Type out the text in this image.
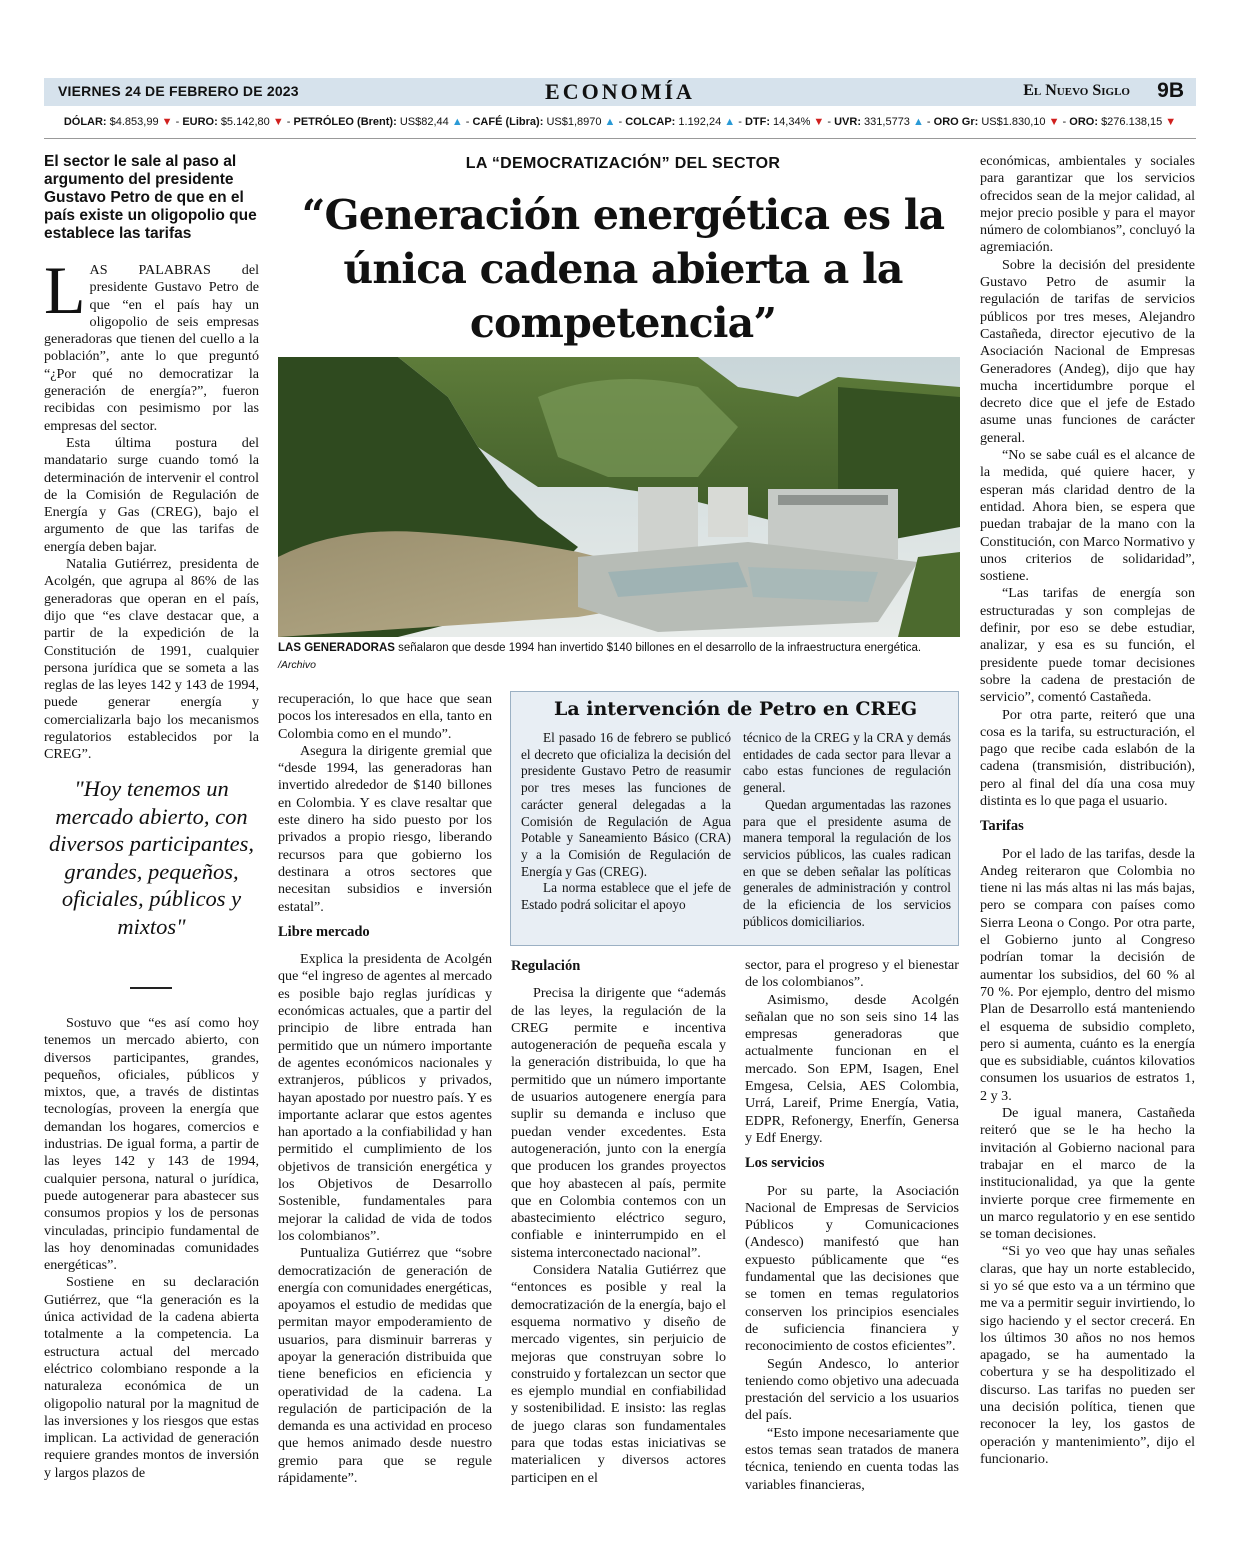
VIERNES 24 DE FEBRERO DE 2023	ECONOMÍA	El Nuevo Siglo 9B
DÓLAR: $4.853,99 ▼ - EURO: $5.142,80 ▼ - PETRÓLEO (Brent): US$82,44 ▲ - CAFÉ (Libra): US$1,8970 ▲ - COLCAP: 1.192,24 ▲ - DTF: 14,34% ▼ - UVR: 331,5773 ▲ - ORO Gr: US$1.830,10 ▼ - ORO: $276.138,15 ▼
El sector le sale al paso al argumento del presidente Gustavo Petro de que en el país existe un oligopolio que establece las tarifas
LA “DEMOCRATIZACIÓN” DEL SECTOR
“Generación energética es la única cadena abierta a la competencia”
LAS GENERADORAS señalaron que desde 1994 han invertido $140 billones en el desarrollo de la infraestructura energética. /Archivo

LAS PALABRAS del presidente Gustavo Petro de que “en el país hay un oligopolio de seis empresas generadoras que tienen del cuello a la población”, ante lo que preguntó “¿Por qué no democratizar la generación de energía?”, fueron recibidas con pesimismo por las empresas del sector.

Esta última postura del mandatario surge cuando tomó la determinación de intervenir el control de la Comisión de Regulación de Energía y Gas (CREG), bajo el argumento de que las tarifas de energía deben bajar.

Natalia Gutiérrez, presidenta de Acolgén, que agrupa al 86% de las generadoras que operan en el país, dijo que “es clave destacar que, a partir de la expedición de la Constitución de 1991, cualquier persona jurídica que se someta a las reglas de las leyes 142 y 143 de 1994, puede generar energía y comercializarla bajo los mecanismos regulatorios establecidos por la CREG”.

"Hoy tenemos un mercado abierto, con diversos participantes, grandes, pequeños, oficiales, públicos y mixtos"

Sostuvo que “es así como hoy tenemos un mercado abierto, con diversos participantes, grandes, pequeños, oficiales, públicos y mixtos, que, a través de distintas tecnologías, proveen la energía que demandan los hogares, comercios e industrias. De igual forma, a partir de las leyes 142 y 143 de 1994, cualquier persona, natural o jurídica, puede autogenerar para abastecer sus consumos propios y los de personas vinculadas, principio fundamental de las hoy denominadas comunidades energéticas”.

Sostiene en su declaración Gutiérrez, que “la generación es la única actividad de la cadena abierta totalmente a la competencia. La estructura actual del mercado eléctrico colombiano responde a la naturaleza económica de un oligopolio natural por la magnitud de las inversiones y los riesgos que estas implican. La actividad de generación requiere grandes montos de inversión y largos plazos de

recuperación, lo que hace que sean pocos los interesados en ella, tanto en Colombia como en el mundo”.

Asegura la dirigente gremial que “desde 1994, las generadoras han invertido alrededor de $140 billones en Colombia. Y es clave resaltar que este dinero ha sido puesto por los privados a propio riesgo, liberando recursos para que gobierno los destinara a otros sectores que necesitan subsidios e inversión estatal”.

Libre mercado

Explica la presidenta de Acolgén que “el ingreso de agentes al mercado es posible bajo reglas jurídicas y económicas actuales, que a partir del principio de libre entrada han permitido que un número importante de agentes económicos nacionales y extranjeros, públicos y privados, hayan apostado por nuestro país. Y es importante aclarar que estos agentes han aportado a la confiabilidad y han permitido el cumplimiento de los objetivos de transición energética y los Objetivos de Desarrollo Sostenible, fundamentales para mejorar la calidad de vida de todos los colombianos”.

Puntualiza Gutiérrez que “sobre democratización de generación de energía con comunidades energéticas, apoyamos el estudio de medidas que permitan mayor empoderamiento de usuarios, para disminuir barreras y apoyar la generación distribuida que tiene beneficios en eficiencia y operatividad de la cadena. La regulación de participación de la demanda es una actividad en proceso que hemos animado desde nuestro gremio para que se regule rápidamente”.

La intervención de Petro en CREG

El pasado 16 de febrero se publicó el decreto que oficializa la decisión del presidente Gustavo Petro de reasumir por tres meses las funciones de carácter general delegadas a la Comisión de Regulación de Agua Potable y Saneamiento Básico (CRA) y a la Comisión de Regulación de Energía y Gas (CREG).

La norma establece que el jefe de Estado podrá solicitar el apoyo

técnico de la CREG y la CRA y demás entidades de cada sector para llevar a cabo estas funciones de regulación general.

Quedan argumentadas las razones para que el presidente asuma de manera temporal la regulación de los servicios públicos, las cuales radican en que se deben señalar las políticas generales de administración y control de la eficiencia de los servicios públicos domiciliarios.

Regulación

Precisa la dirigente que “además de las leyes, la regulación de la CREG permite e incentiva autogeneración de pequeña escala y la generación distribuida, lo que ha permitido que un número importante de usuarios autogenere energía para suplir su demanda e incluso que puedan vender excedentes. Esta autogeneración, junto con la energía que producen los grandes proyectos que hoy abastecen al país, permite que en Colombia contemos con un abastecimiento eléctrico seguro, confiable e ininterrumpido en el sistema interconectado nacional”.

Considera Natalia Gutiérrez que “entonces es posible y real la democratización de la energía, bajo el esquema normativo y diseño de mercado vigentes, sin perjuicio de mejoras que construyan sobre lo construido y fortalezcan un sector que es ejemplo mundial en confiabilidad y sostenibilidad. E insisto: las reglas de juego claras son fundamentales para que todas estas iniciativas se materialicen y diversos actores participen en el

sector, para el progreso y el bienestar de los colombianos”.

Asimismo, desde Acolgén señalan que no son seis sino 14 las empresas generadoras que actualmente funcionan en el mercado. Son EPM, Isagen, Enel Emgesa, Celsia, AES Colombia, Urrá, Lareif, Prime Energía, Vatia, EDPR, Refonergy, Enerfín, Genersa y Edf Energy.

Los servicios

Por su parte, la Asociación Nacional de Empresas de Servicios Públicos y Comunicaciones (Andesco) manifestó que han expuesto públicamente que “es fundamental que las decisiones que se tomen en temas regulatorios conserven los principios esenciales de suficiencia financiera y reconocimiento de costos eficientes”.

Según Andesco, lo anterior teniendo como objetivo una adecuada prestación del servicio a los usuarios del país.

“Esto impone necesariamente que estos temas sean tratados de manera técnica, teniendo en cuenta todas las variables financieras,

económicas, ambientales y sociales para garantizar que los servicios ofrecidos sean de la mejor calidad, al mejor precio posible y para el mayor número de colombianos”, concluyó la agremiación.

Sobre la decisión del presidente Gustavo Petro de asumir la regulación de tarifas de servicios públicos por tres meses, Alejandro Castañeda, director ejecutivo de la Asociación Nacional de Empresas Generadores (Andeg), dijo que hay mucha incertidumbre porque el decreto dice que el jefe de Estado asume unas funciones de carácter general.

“No se sabe cuál es el alcance de la medida, qué quiere hacer, y esperan más claridad dentro de la entidad. Ahora bien, se espera que puedan trabajar de la mano con la Constitución, con Marco Normativo y unos criterios de solidaridad”, sostiene.

“Las tarifas de energía son estructuradas y son complejas de definir, por eso se debe estudiar, analizar, y esa es su función, el presidente puede tomar decisiones sobre la cadena de prestación de servicio”, comentó Castañeda.

Por otra parte, reiteró que una cosa es la tarifa, su estructuración, el pago que recibe cada eslabón de la cadena (transmisión, distribución), pero al final del día una cosa muy distinta es lo que paga el usuario.

Tarifas

Por el lado de las tarifas, desde la Andeg reiteraron que Colombia no tiene ni las más altas ni las más bajas, pero se compara con países como Sierra Leona o Congo. Por otra parte, el Gobierno junto al Congreso podrían tomar la decisión de aumentar los subsidios, del 60 % al 70 %. Por ejemplo, dentro del mismo Plan de Desarrollo está manteniendo el esquema de subsidio completo, pero si aumenta, cuánto es la energía que es subsidiable, cuántos kilovatios consumen los usuarios de estratos 1, 2 y 3.

De igual manera, Castañeda reiteró que se le ha hecho la invitación al Gobierno nacional para trabajar en el marco de la institucionalidad, ya que la gente invierte porque cree firmemente en un marco regulatorio y en ese sentido se toman decisiones.

“Si yo veo que hay unas señales claras, que hay un norte establecido, si yo sé que esto va a un término que me va a permitir seguir invirtiendo, lo sigo haciendo y el sector crecerá. En los últimos 30 años no nos hemos apagado, se ha aumentado la cobertura y se ha despolitizado el discurso. Las tarifas no pueden ser una decisión política, tienen que reconocer la ley, los gastos de operación y mantenimiento”, dijo el funcionario.
